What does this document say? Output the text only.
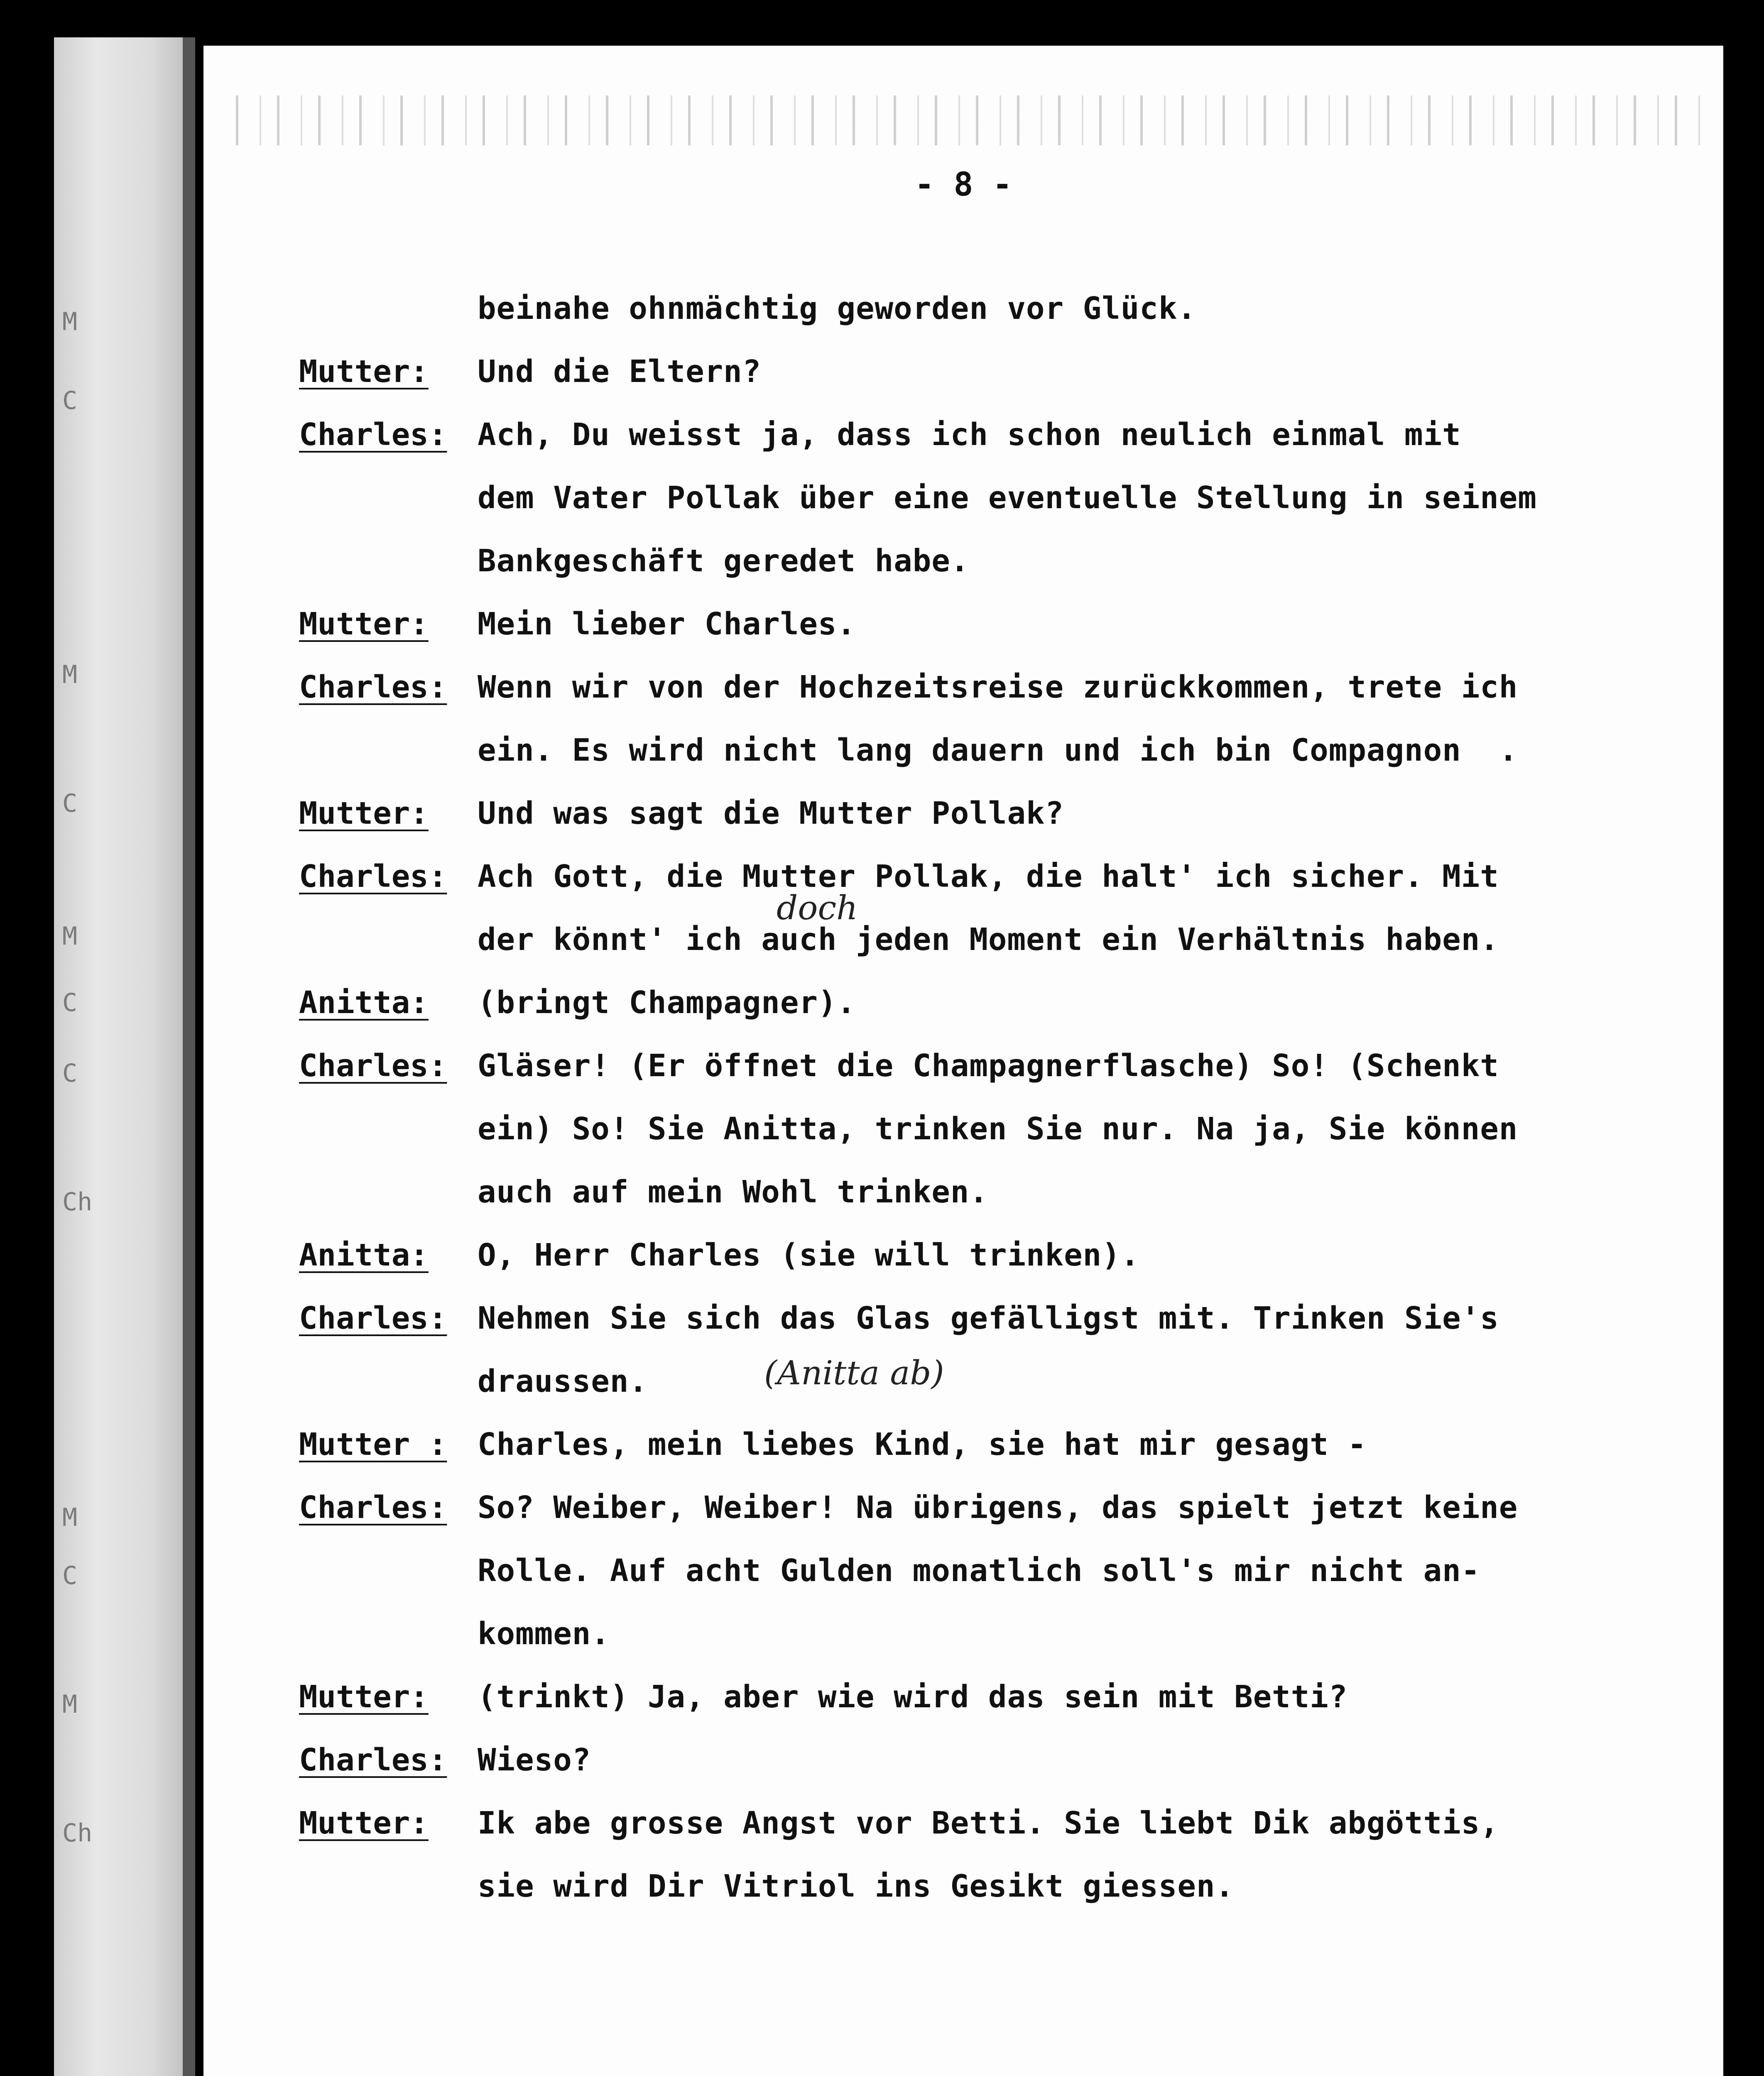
M
C
M
C
M
C
C
Ch
M
C
M
Ch
- 8 -
beinahe ohnmächtig geworden vor Glück.
Mutter: Und die Eltern?
Charles: Ach, Du weisst ja, dass ich schon neulich einmal mit
dem Vater Pollak über eine eventuelle Stellung in seinem
Bankgeschäft geredet habe.
Mutter: Mein lieber Charles.
Charles: Wenn wir von der Hochzeitsreise zurückkommen, trete ich
ein. Es wird nicht lang dauern und ich bin Compagnon  .
Mutter: Und was sagt die Mutter Pollak?
Charles: Ach Gott, die Mutter Pollak, die halt' ich sicher. Mit
der könnt' ich auch jeden Moment ein Verhältnis haben.
Anitta: (bringt Champagner).
Charles: Gläser! (Er öffnet die Champagnerflasche) So! (Schenkt
ein) So! Sie Anitta, trinken Sie nur. Na ja, Sie können
auch auf mein Wohl trinken.
Anitta: O, Herr Charles (sie will trinken).
Charles: Nehmen Sie sich das Glas gefälligst mit. Trinken Sie's
draussen.
Mutter : Charles, mein liebes Kind, sie hat mir gesagt -
Charles: So? Weiber, Weiber! Na übrigens, das spielt jetzt keine
Rolle. Auf acht Gulden monatlich soll's mir nicht an-
kommen.
Mutter: (trinkt) Ja, aber wie wird das sein mit Betti?
Charles: Wieso?
Mutter: Ik abe grosse Angst vor Betti. Sie liebt Dik abgöttis,
sie wird Dir Vitriol ins Gesikt giessen.
doch
(Anitta ab)
